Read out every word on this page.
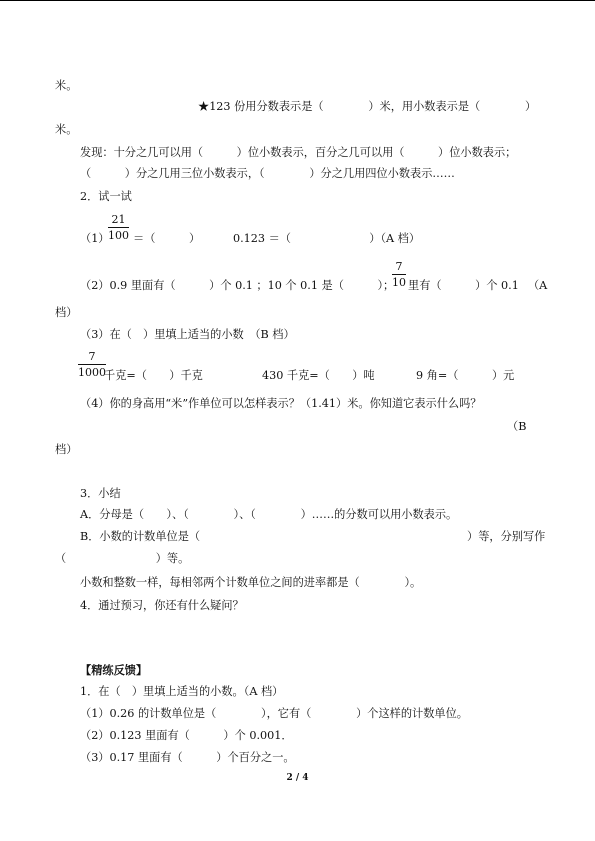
米。
★123 份用分数表示是（　　　　）米，用小数表示是（　　　　）
米。
发现：十分之几可以用（　　　）位小数表示，百分之几可以用（　　　）位小数表示；
（　　　）分之几用三位小数表示，（　　　　）分之几用四位小数表示……
2．试一试
（1）
21
100 ＝（　　　）	0.123 ＝（　　　　　　　）（A 档）
（2）0.9 里面有（　　　）个 0.1 ；10 个 0.1 是（　　　）；
7
10 里有（　　　）个 0.1 　（A
档）
（3）在（　）里填上适当的小数　（B 档）
7
1000
千克=（　　）千克	430 千克=（　　）吨	9 角=（　　　）元
（4）你的身高用“米”作单位可以怎样表示？（1.41）米。你知道它表示什么吗？
（B
档）
3．小结
A．分母是（　　）、（　　　　）、（　　　　）……的分数可以用小数表示。
B．小数的计数单位是（	）等，分别写作
（　　　　　　　　）等。
小数和整数一样，每相邻两个计数单位之间的进率都是（　　　　）。
4．通过预习，你还有什么疑问？
【精练反馈】
1．在（　）里填上适当的小数。（A 档）
（1）0.26 的计数单位是（　　　　），它有（　　　　）个这样的计数单位。
（2）0.123 里面有（　　　）个 0.001．
（3）0.17 里面有（　　　）个百分之一。
2 / 4
